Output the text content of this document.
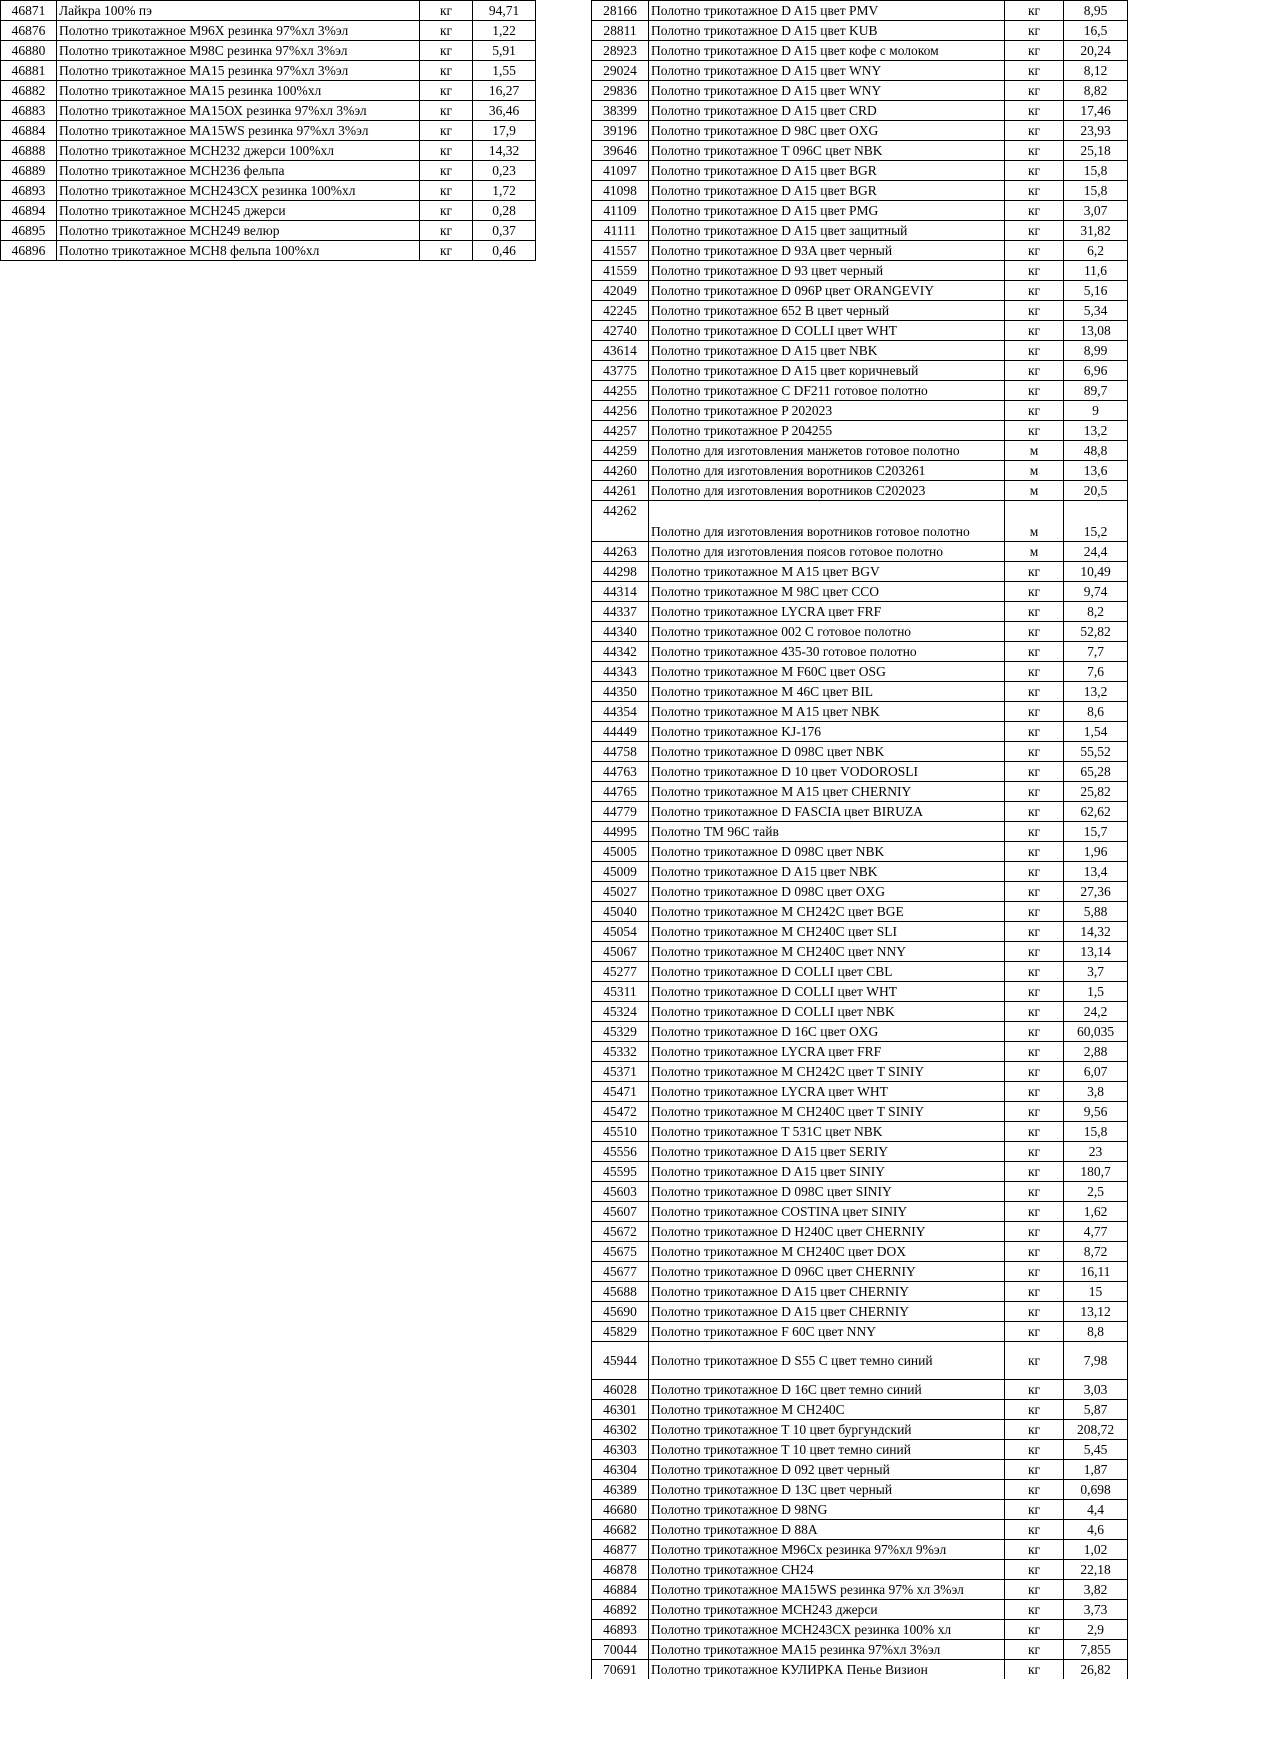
46871	Лайкра 100% пэ	кг	94,71
46876	Полотно трикотажное М96Х резинка 97%хл 3%эл	кг	1,22
46880	Полотно трикотажное М98С резинка 97%хл 3%эл	кг	5,91
46881	Полотно трикотажное МА15 резинка 97%хл 3%эл	кг	1,55
46882	Полотно трикотажное МА15 резинка 100%хл	кг	16,27
46883	Полотно трикотажное МА15ОХ резинка 97%хл 3%эл	кг	36,46
46884	Полотно трикотажное МА15WS резинка 97%хл 3%эл	кг	17,9
46888	Полотно трикотажное МСН232 джерси 100%хл	кг	14,32
46889	Полотно трикотажное МСН236 фельпа	кг	0,23
46893	Полотно трикотажное МСН243СХ резинка 100%хл	кг	1,72
46894	Полотно трикотажное МСН245 джерси	кг	0,28
46895	Полотно трикотажное МСН249 велюр	кг	0,37
46896	Полотно трикотажное МСН8 фельпа 100%хл	кг	0,46
28166	Полотно трикотажное D A15 цвет PMV	кг	8,95
28811	Полотно трикотажное D A15 цвет KUB	кг	16,5
28923	Полотно трикотажное D A15 цвет кофе с молоком	кг	20,24
29024	Полотно трикотажное D A15 цвет WNY	кг	8,12
29836	Полотно трикотажное D A15 цвет WNY	кг	8,82
38399	Полотно трикотажное D A15 цвет CRD	кг	17,46
39196	Полотно трикотажное D 98C цвет OXG	кг	23,93
39646	Полотно трикотажное T 096C цвет NBK	кг	25,18
41097	Полотно трикотажное D A15 цвет BGR	кг	15,8
41098	Полотно трикотажное D A15 цвет BGR	кг	15,8
41109	Полотно трикотажное D A15 цвет PMG	кг	3,07
41111	Полотно трикотажное D A15 цвет защитный	кг	31,82
41557	Полотно трикотажное D 93A цвет черный	кг	6,2
41559	Полотно трикотажное D 93 цвет черный	кг	11,6
42049	Полотно трикотажное D 096P цвет ORANGEVIY	кг	5,16
42245	Полотно трикотажное 652 В цвет черный	кг	5,34
42740	Полотно трикотажное D COLLI цвет WHT	кг	13,08
43614	Полотно трикотажное D A15 цвет NBK	кг	8,99
43775	Полотно трикотажное D A15 цвет коричневый	кг	6,96
44255	Полотно трикотажное C DF211 готовое полотно	кг	89,7
44256	Полотно трикотажное P 202023	кг	9
44257	Полотно трикотажное P 204255	кг	13,2
44259	Полотно для изготовления манжетов готовое полотно	м	48,8
44260	Полотно для изготовления воротников C203261	м	13,6
44261	Полотно для изготовления воротников C202023	м	20,5
44262	Полотно для изготовления воротников готовое полотно	м	15,2
44263	Полотно для изготовления поясов готовое полотно	м	24,4
44298	Полотно трикотажное M A15 цвет BGV	кг	10,49
44314	Полотно трикотажное M 98C цвет CCO	кг	9,74
44337	Полотно трикотажное LYCRA цвет FRF	кг	8,2
44340	Полотно трикотажное 002 С готовое полотно	кг	52,82
44342	Полотно трикотажное 435-30 готовое полотно	кг	7,7
44343	Полотно трикотажное M F60C цвет OSG	кг	7,6
44350	Полотно трикотажное M 46C цвет BIL	кг	13,2
44354	Полотно трикотажное M A15 цвет NBK	кг	8,6
44449	Полотно трикотажное KJ-176	кг	1,54
44758	Полотно трикотажное D 098C цвет NBK	кг	55,52
44763	Полотно трикотажное D 10 цвет VODOROSLI	кг	65,28
44765	Полотно трикотажное M A15 цвет CHERNIY	кг	25,82
44779	Полотно трикотажное D FASCIA цвет BIRUZA	кг	62,62
44995	Полотно ТМ 96С тайв	кг	15,7
45005	Полотно трикотажное D 098C цвет NBK	кг	1,96
45009	Полотно трикотажное D A15 цвет NBK	кг	13,4
45027	Полотно трикотажное D 098C цвет OXG	кг	27,36
45040	Полотно трикотажное M CH242C цвет BGE	кг	5,88
45054	Полотно трикотажное M CH240C цвет SLI	кг	14,32
45067	Полотно трикотажное M CH240C цвет NNY	кг	13,14
45277	Полотно трикотажное D COLLI цвет CBL	кг	3,7
45311	Полотно трикотажное D COLLI цвет WHT	кг	1,5
45324	Полотно трикотажное D COLLI цвет NBK	кг	24,2
45329	Полотно трикотажное D 16C цвет OXG	кг	60,035
45332	Полотно трикотажное LYCRA цвет FRF	кг	2,88
45371	Полотно трикотажное M CH242C цвет T SINIY	кг	6,07
45471	Полотно трикотажное LYCRA цвет WHT	кг	3,8
45472	Полотно трикотажное M CH240C цвет T SINIY	кг	9,56
45510	Полотно трикотажное T 531C цвет NBK	кг	15,8
45556	Полотно трикотажное D A15 цвет SERIY	кг	23
45595	Полотно трикотажное D A15 цвет SINIY	кг	180,7
45603	Полотно трикотажное D 098C цвет SINIY	кг	2,5
45607	Полотно трикотажное COSTINA цвет SINIY	кг	1,62
45672	Полотно трикотажное D H240C цвет CHERNIY	кг	4,77
45675	Полотно трикотажное M CH240C цвет DOX	кг	8,72
45677	Полотно трикотажное D 096C цвет CHERNIY	кг	16,11
45688	Полотно трикотажное D A15 цвет CHERNIY	кг	15
45690	Полотно трикотажное D A15 цвет CHERNIY	кг	13,12
45829	Полотно трикотажное F 60C цвет NNY	кг	8,8
45944	Полотно трикотажное D S55 C цвет темно синий	кг	7,98
46028	Полотно трикотажное D 16C цвет темно синий	кг	3,03
46301	Полотно трикотажное M CH240C	кг	5,87
46302	Полотно трикотажное T 10 цвет бургундский	кг	208,72
46303	Полотно трикотажное T 10 цвет темно синий	кг	5,45
46304	Полотно трикотажное D 092 цвет черный	кг	1,87
46389	Полотно трикотажное D 13C цвет черный	кг	0,698
46680	Полотно трикотажное D 98NG	кг	4,4
46682	Полотно трикотажное D 88A	кг	4,6
46877	Полотно трикотажное M96Cx резинка 97%хл 9%эл	кг	1,02
46878	Полотно трикотажное CH24	кг	22,18
46884	Полотно трикотажное MA15WS резинка 97% хл 3%эл	кг	3,82
46892	Полотно трикотажное MCH243 джерси	кг	3,73
46893	Полотно трикотажное MCH243CX резинка 100% хл	кг	2,9
70044	Полотно трикотажное MA15 резинка 97%хл 3%эл	кг	7,855
70691	Полотно трикотажное КУЛИРКА Пенье Визион	кг	26,82
